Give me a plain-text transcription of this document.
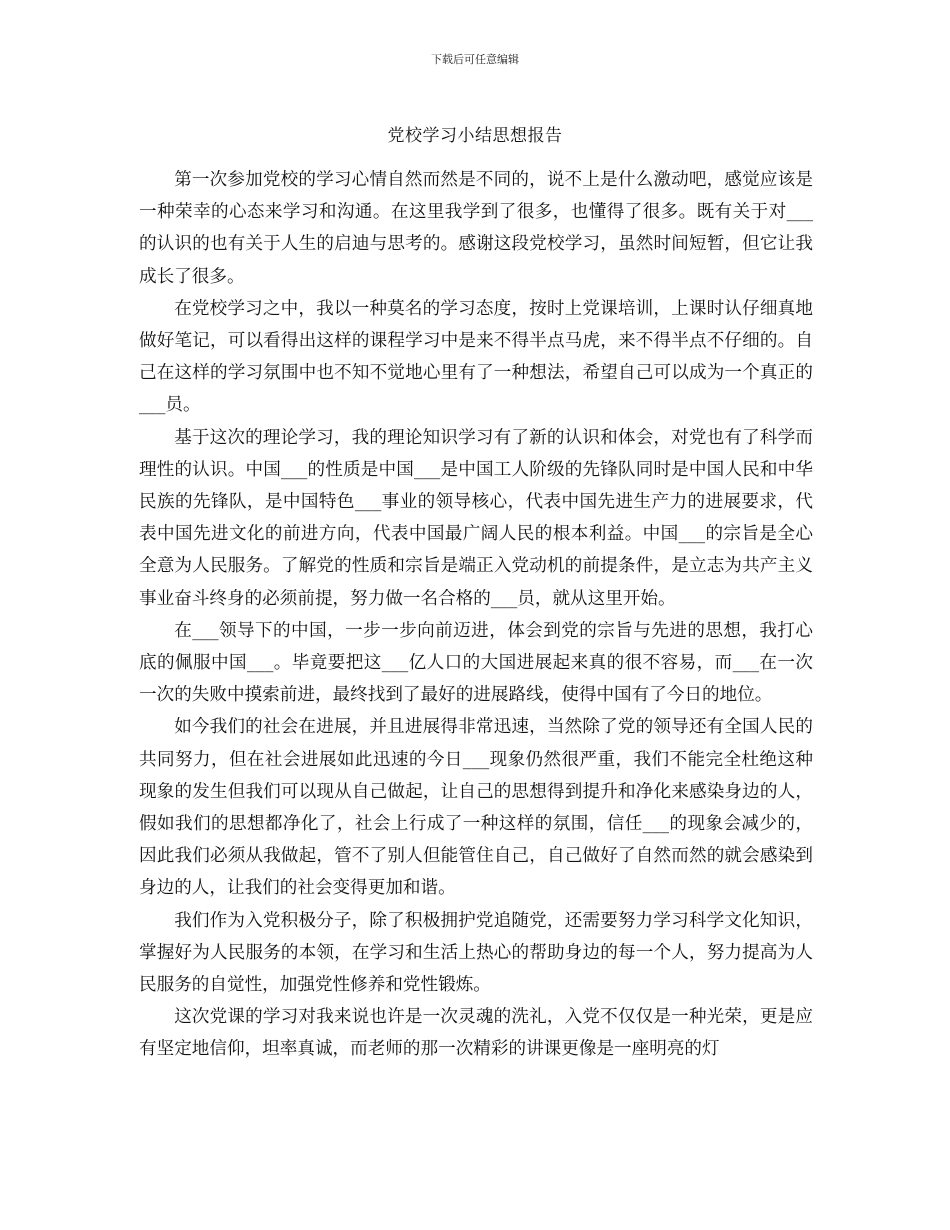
下载后可任意编辑
党校学习小结思想报告

第一次参加党校的学习心情自然而然是不同的，说不上是什么激动吧，感觉应该是一种荣幸的心态来学习和沟通。在这里我学到了很多，也懂得了很多。既有关于对___的认识的也有关于人生的启迪与思考的。感谢这段党校学习，虽然时间短暂，但它让我成长了很多。

在党校学习之中，我以一种莫名的学习态度，按时上党课培训，上课时认仔细真地做好笔记，可以看得出这样的课程学习中是来不得半点马虎，来不得半点不仔细的。自己在这样的学习氛围中也不知不觉地心里有了一种想法，希望自己可以成为一个真正的___员。

基于这次的理论学习，我的理论知识学习有了新的认识和体会，对党也有了科学而理性的认识。中国___的性质是中国___是中国工人阶级的先锋队同时是中国人民和中华民族的先锋队，是中国特色___事业的领导核心，代表中国先进生产力的进展要求，代表中国先进文化的前进方向，代表中国最广阔人民的根本利益。中国___的宗旨是全心全意为人民服务。了解党的性质和宗旨是端正入党动机的前提条件，是立志为共产主义事业奋斗终身的必须前提，努力做一名合格的___员，就从这里开始。

在___领导下的中国，一步一步向前迈进，体会到党的宗旨与先进的思想，我打心底的佩服中国___。毕竟要把这___亿人口的大国进展起来真的很不容易，而___在一次一次的失败中摸索前进，最终找到了最好的进展路线，使得中国有了今日的地位。

如今我们的社会在进展，并且进展得非常迅速，当然除了党的领导还有全国人民的共同努力，但在社会进展如此迅速的今日___现象仍然很严重，我们不能完全杜绝这种现象的发生但我们可以现从自己做起，让自己的思想得到提升和净化来感染身边的人，假如我们的思想都净化了，社会上行成了一种这样的氛围，信任___的现象会减少的，因此我们必须从我做起，管不了别人但能管住自己，自己做好了自然而然的就会感染到身边的人，让我们的社会变得更加和谐。

我们作为入党积极分子，除了积极拥护党追随党，还需要努力学习科学文化知识，掌握好为人民服务的本领，在学习和生活上热心的帮助身边的每一个人，努力提高为人民服务的自觉性，加强党性修养和党性锻炼。

这次党课的学习对我来说也许是一次灵魂的洗礼，入党不仅仅是一种光荣，更是应有坚定地信仰，坦率真诚，而老师的那一次精彩的讲课更像是一座明亮的灯
